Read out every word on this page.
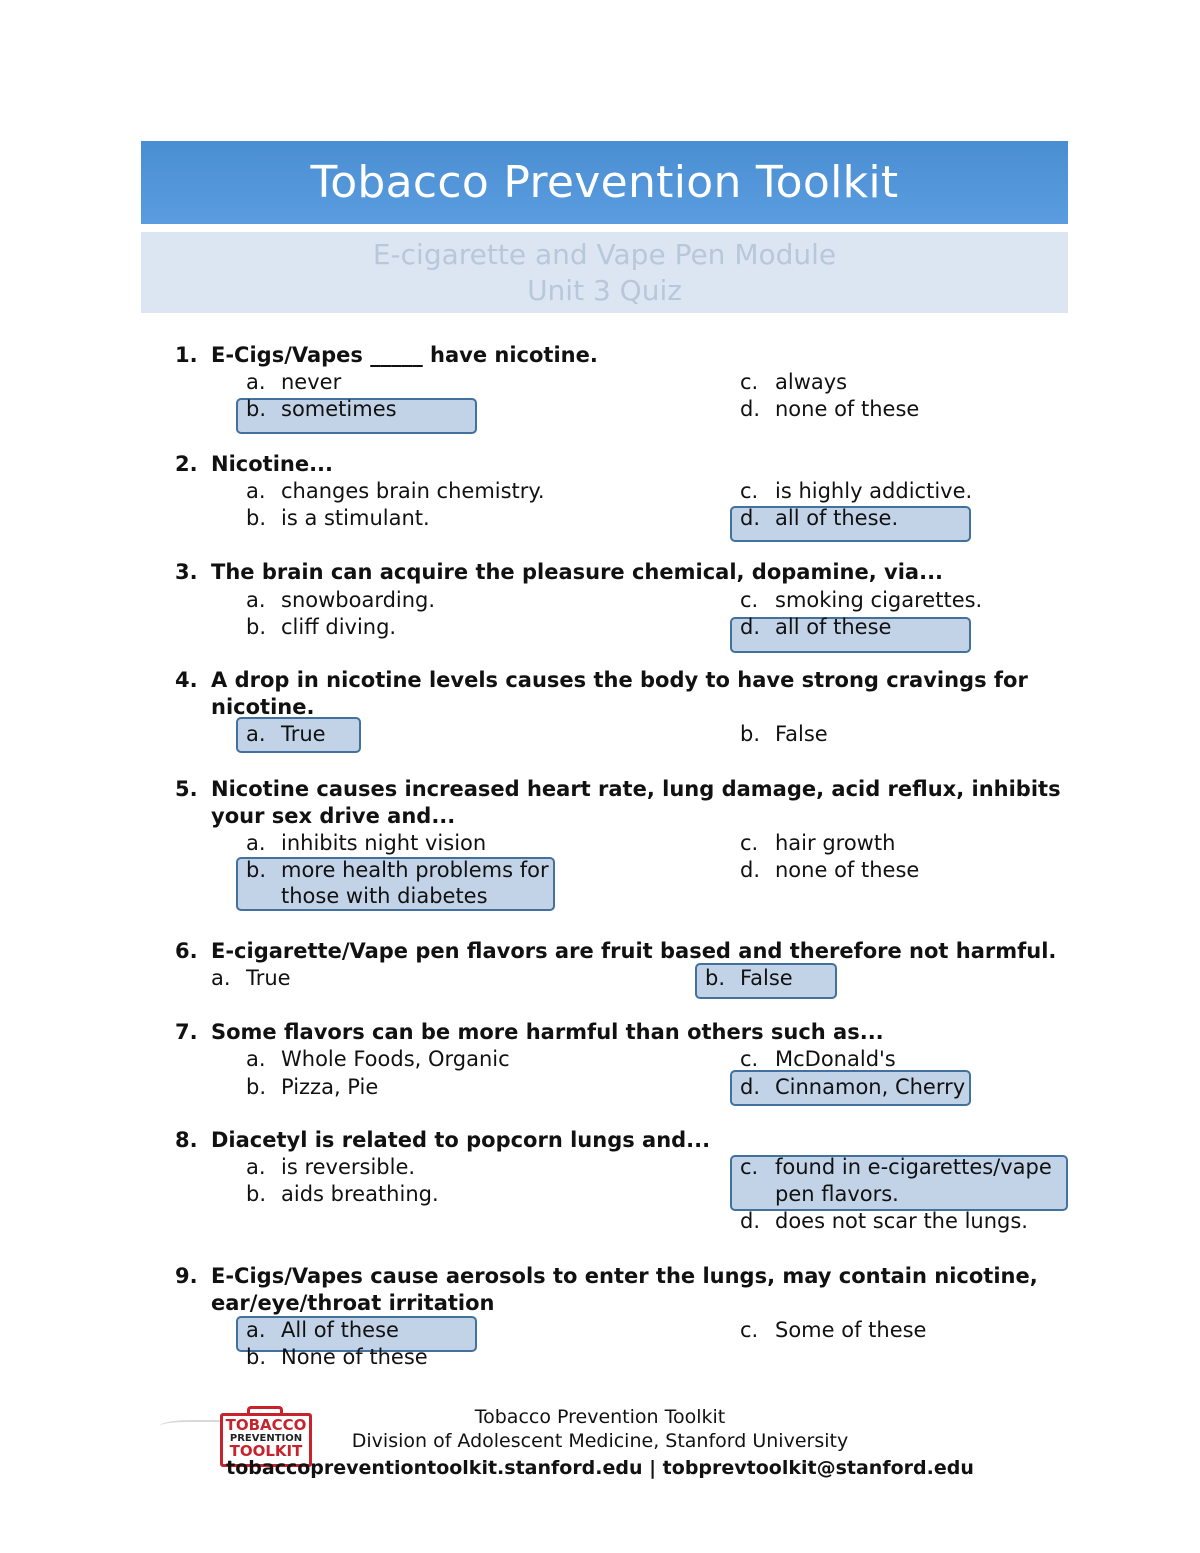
Tobacco Prevention Toolkit
E-cigarette and Vape Pen Module
Unit 3 Quiz
1. E-Cigs/Vapes _____ have nicotine.
a. never
b. sometimes
c. always
d. none of these
2. Nicotine...
a. changes brain chemistry.
b. is a stimulant.
c. is highly addictive.
d. all of these.
3. The brain can acquire the pleasure chemical, dopamine, via...
a. snowboarding.
b. cliff diving.
c. smoking cigarettes.
d. all of these
4. A drop in nicotine levels causes the body to have strong cravings for
nicotine.
a. True	b. False
5. Nicotine causes increased heart rate, lung damage, acid reflux, inhibits
your sex drive and...
a. inhibits night vision
b. more health problems for
those with diabetes
c. hair growth
d. none of these
6. E-cigarette/Vape pen flavors are fruit based and therefore not harmful.
a. True	b. False
7. Some flavors can be more harmful than others such as...
a. Whole Foods, Organic
b. Pizza, Pie
c. McDonald's
d. Cinnamon, Cherry
8. Diacetyl is related to popcorn lungs and...
a. is reversible.
b. aids breathing.
c. found in e-cigarettes/vape
pen flavors.
d. does not scar the lungs.
9. E-Cigs/Vapes cause aerosols to enter the lungs, may contain nicotine,
ear/eye/throat irritation
a. All of these
b. None of these
c. Some of these
TOBACCO
PREVENTION
TOOLKIT
Tobacco Prevention Toolkit
Division of Adolescent Medicine, Stanford University
tobaccopreventiontoolkit.stanford.edu | tobprevtoolkit@stanford.edu
